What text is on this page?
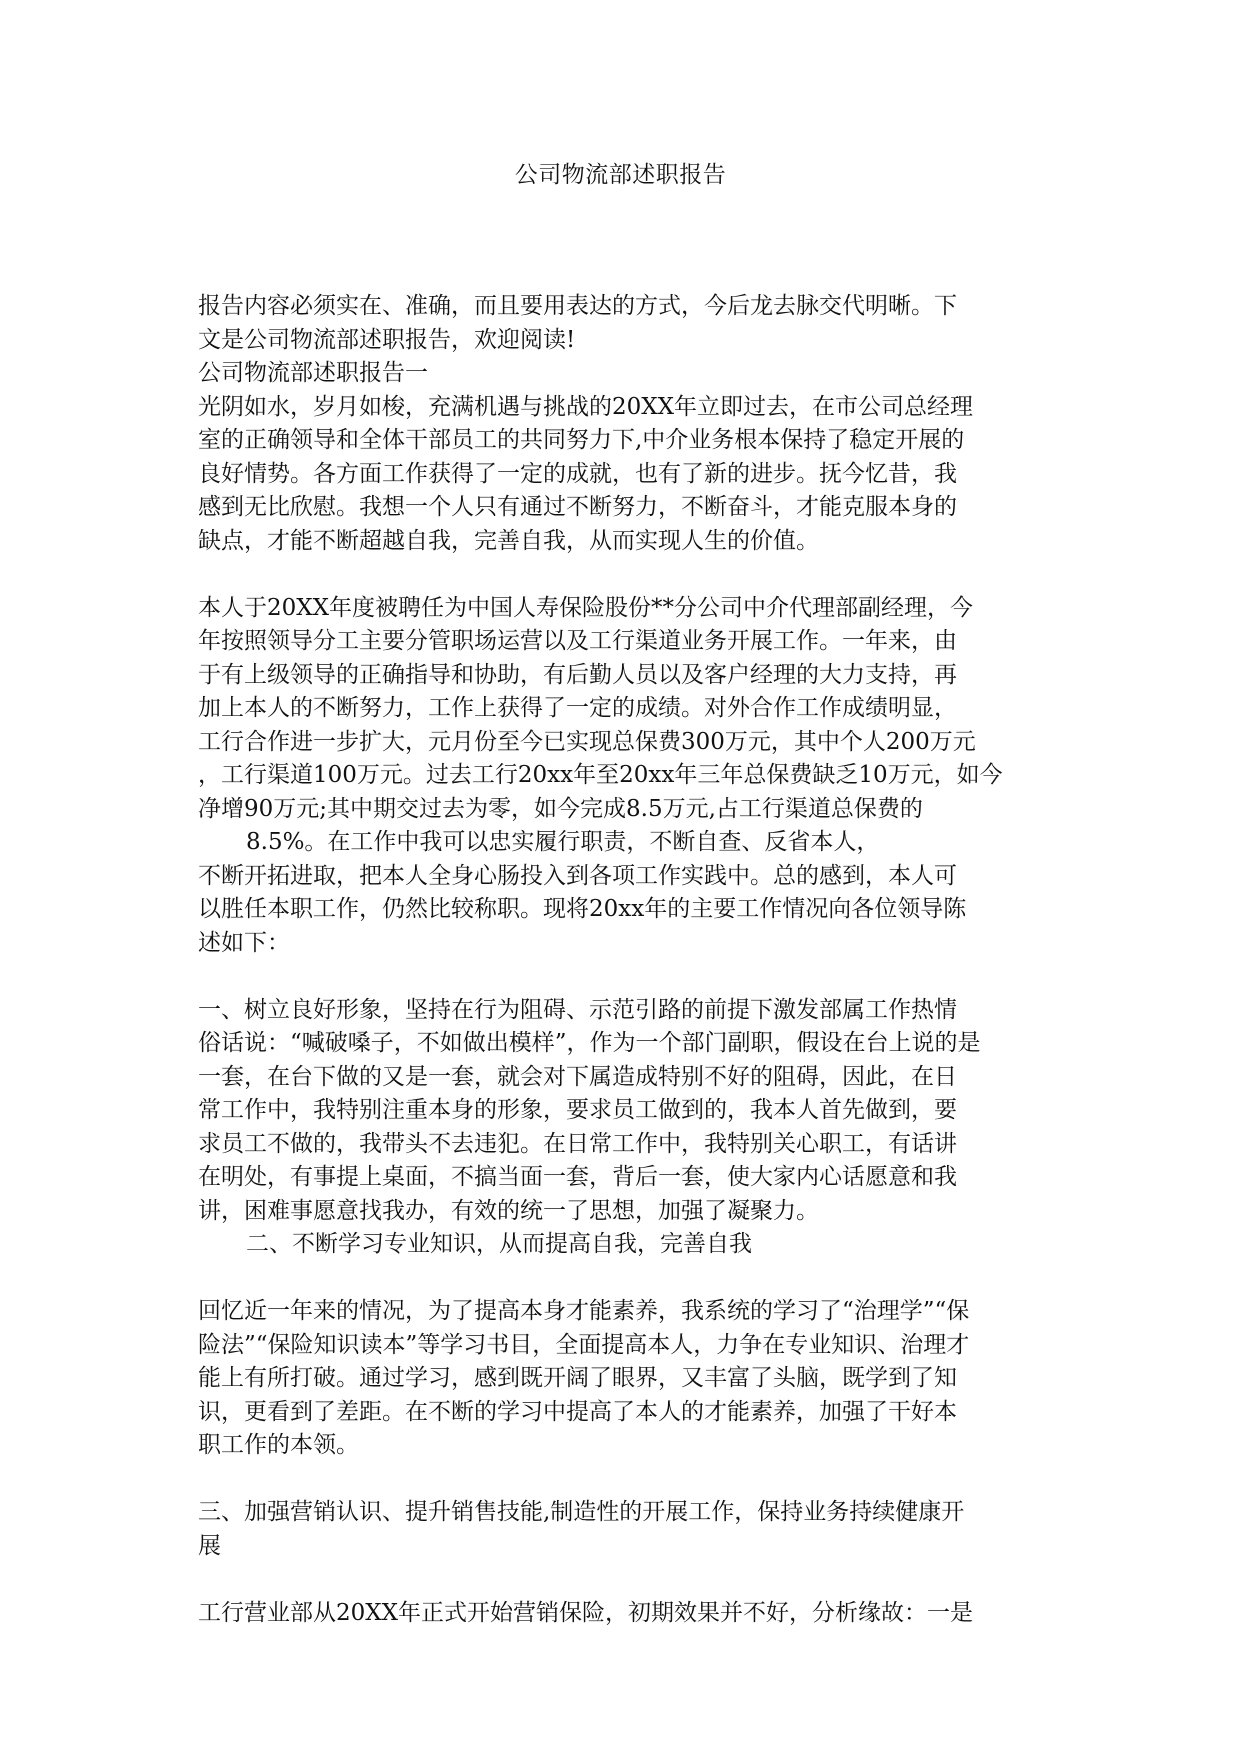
公司物流部述职报告
报告内容必须实在、准确，而且要用表达的方式，今后龙去脉交代明晰。下
文是公司物流部述职报告，欢迎阅读!
公司物流部述职报告一
光阴如水，岁月如梭，充满机遇与挑战的20XX年立即过去，在市公司总经理
室的正确领导和全体干部员工的共同努力下,中介业务根本保持了稳定开展的
良好情势。各方面工作获得了一定的成就，也有了新的进步。抚今忆昔，我
感到无比欣慰。我想一个人只有通过不断努力，不断奋斗，才能克服本身的
缺点，才能不断超越自我，完善自我，从而实现人生的价值。
本人于20XX年度被聘任为中国人寿保险股份**分公司中介代理部副经理，今
年按照领导分工主要分管职场运营以及工行渠道业务开展工作。一年来，由
于有上级领导的正确指导和协助，有后勤人员以及客户经理的大力支持，再
加上本人的不断努力，工作上获得了一定的成绩。对外合作工作成绩明显，
工行合作进一步扩大，元月份至今已实现总保费300万元，其中个人200万元
，工行渠道100万元。过去工行20xx年至20xx年三年总保费缺乏10万元，如今
净增90万元;其中期交过去为零，如今完成8.5万元,占工行渠道总保费的
8.5%。在工作中我可以忠实履行职责，不断自查、反省本人，
不断开拓进取，把本人全身心肠投入到各项工作实践中。总的感到，本人可
以胜任本职工作，仍然比较称职。现将20xx年的主要工作情况向各位领导陈
述如下：
一、树立良好形象，坚持在行为阻碍、示范引路的前提下激发部属工作热情
俗话说：“喊破嗓子，不如做出模样”，作为一个部门副职，假设在台上说的是
一套，在台下做的又是一套，就会对下属造成特别不好的阻碍，因此，在日
常工作中，我特别注重本身的形象，要求员工做到的，我本人首先做到，要
求员工不做的，我带头不去违犯。在日常工作中，我特别关心职工，有话讲
在明处，有事提上桌面，不搞当面一套，背后一套，使大家内心话愿意和我
讲，困难事愿意找我办，有效的统一了思想，加强了凝聚力。
二、不断学习专业知识，从而提高自我，完善自我
回忆近一年来的情况，为了提高本身才能素养，我系统的学习了“治理学”“保
险法”“保险知识读本”等学习书目，全面提高本人，力争在专业知识、治理才
能上有所打破。通过学习，感到既开阔了眼界，又丰富了头脑，既学到了知
识，更看到了差距。在不断的学习中提高了本人的才能素养，加强了干好本
职工作的本领。
三、加强营销认识、提升销售技能,制造性的开展工作，保持业务持续健康开
展
工行营业部从20XX年正式开始营销保险，初期效果并不好，分析缘故：一是
